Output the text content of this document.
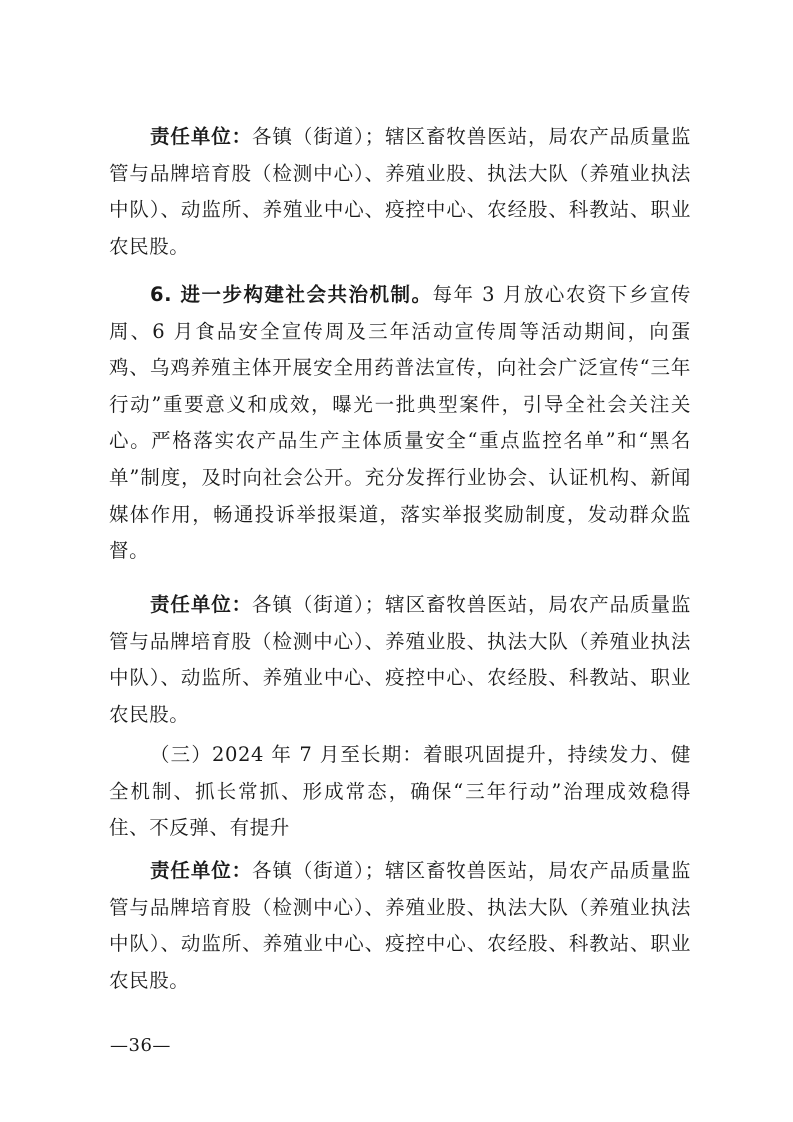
责任单位：各镇（街道）；辖区畜牧兽医站，局农产品质量监管与品牌培育股（检测中心）、养殖业股、执法大队（养殖业执法中队）、动监所、养殖业中心、疫控中心、农经股、科教站、职业农民股。

6. 进一步构建社会共治机制。每年 3 月放心农资下乡宣传周、6 月食品安全宣传周及三年活动宣传周等活动期间，向蛋鸡、乌鸡养殖主体开展安全用药普法宣传，向社会广泛宣传“三年行动”重要意义和成效，曝光一批典型案件，引导全社会关注关心。严格落实农产品生产主体质量安全“重点监控名单”和“黑名单”制度，及时向社会公开。充分发挥行业协会、认证机构、新闻媒体作用，畅通投诉举报渠道，落实举报奖励制度，发动群众监督。

责任单位：各镇（街道）；辖区畜牧兽医站，局农产品质量监管与品牌培育股（检测中心）、养殖业股、执法大队（养殖业执法中队）、动监所、养殖业中心、疫控中心、农经股、科教站、职业农民股。

（三）2024 年 7 月至长期：着眼巩固提升，持续发力、健全机制、抓长常抓、形成常态，确保“三年行动”治理成效稳得住、不反弹、有提升

责任单位：各镇（街道）；辖区畜牧兽医站，局农产品质量监管与品牌培育股（检测中心）、养殖业股、执法大队（养殖业执法中队）、动监所、养殖业中心、疫控中心、农经股、科教站、职业农民股。

—36—
